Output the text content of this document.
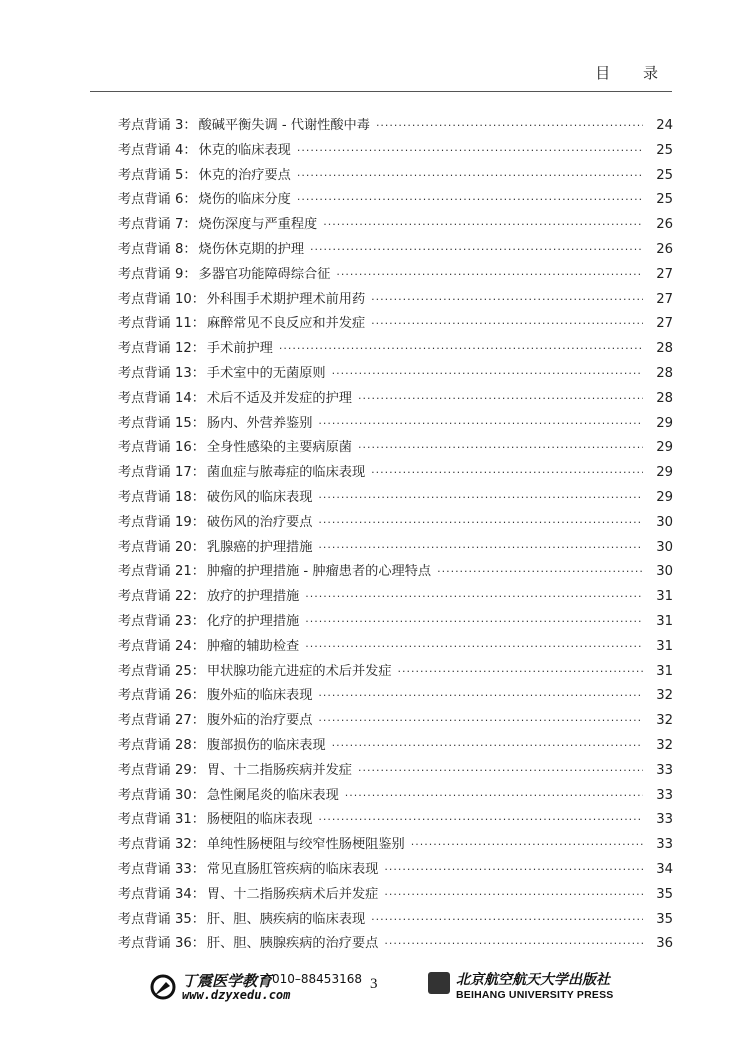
目 录
考点背诵 3： 酸碱平衡失调 - 代谢性酸中毒 ·····	24
考点背诵 4： 休克的临床表现 ·····	25
考点背诵 5： 休克的治疗要点 ·····	25
考点背诵 6： 烧伤的临床分度 ·····	25
考点背诵 7： 烧伤深度与严重程度 ·····	26
考点背诵 8： 烧伤休克期的护理 ·····	26
考点背诵 9： 多器官功能障碍综合征 ·····	27
考点背诵 10： 外科围手术期护理术前用药 ·····	27
考点背诵 11： 麻醉常见不良反应和并发症 ·····	27
考点背诵 12： 手术前护理 ·····	28
考点背诵 13： 手术室中的无菌原则 ·····	28
考点背诵 14： 术后不适及并发症的护理 ·····	28
考点背诵 15： 肠内、外营养鉴别 ·····	29
考点背诵 16： 全身性感染的主要病原菌 ·····	29
考点背诵 17： 菌血症与脓毒症的临床表现 ·····	29
考点背诵 18： 破伤风的临床表现 ·····	29
考点背诵 19： 破伤风的治疗要点 ·····	30
考点背诵 20： 乳腺癌的护理措施 ·····	30
考点背诵 21： 肿瘤的护理措施 - 肿瘤患者的心理特点 ·····	30
考点背诵 22： 放疗的护理措施 ·····	31
考点背诵 23： 化疗的护理措施 ·····	31
考点背诵 24： 肿瘤的辅助检查 ·····	31
考点背诵 25： 甲状腺功能亢进症的术后并发症 ·····	31
考点背诵 26： 腹外疝的临床表现 ·····	32
考点背诵 27： 腹外疝的治疗要点 ·····	32
考点背诵 28： 腹部损伤的临床表现 ·····	32
考点背诵 29： 胃、十二指肠疾病并发症 ·····	33
考点背诵 30： 急性阑尾炎的临床表现 ·····	33
考点背诵 31： 肠梗阻的临床表现 ·····	33
考点背诵 32： 单纯性肠梗阻与绞窄性肠梗阻鉴别 ·····	33
考点背诵 33： 常见直肠肛管疾病的临床表现 ·····	34
考点背诵 34： 胃、十二指肠疾病术后并发症 ·····	35
考点背诵 35： 肝、胆、胰疾病的临床表现 ·····	35
考点背诵 36： 肝、胆、胰腺疾病的治疗要点 ·····	36
丁震医学教育 010–88453168
www.dzyxedu.com
3	北京航空航天大学出版社
BEIHANG UNIVERSITY PRESS
